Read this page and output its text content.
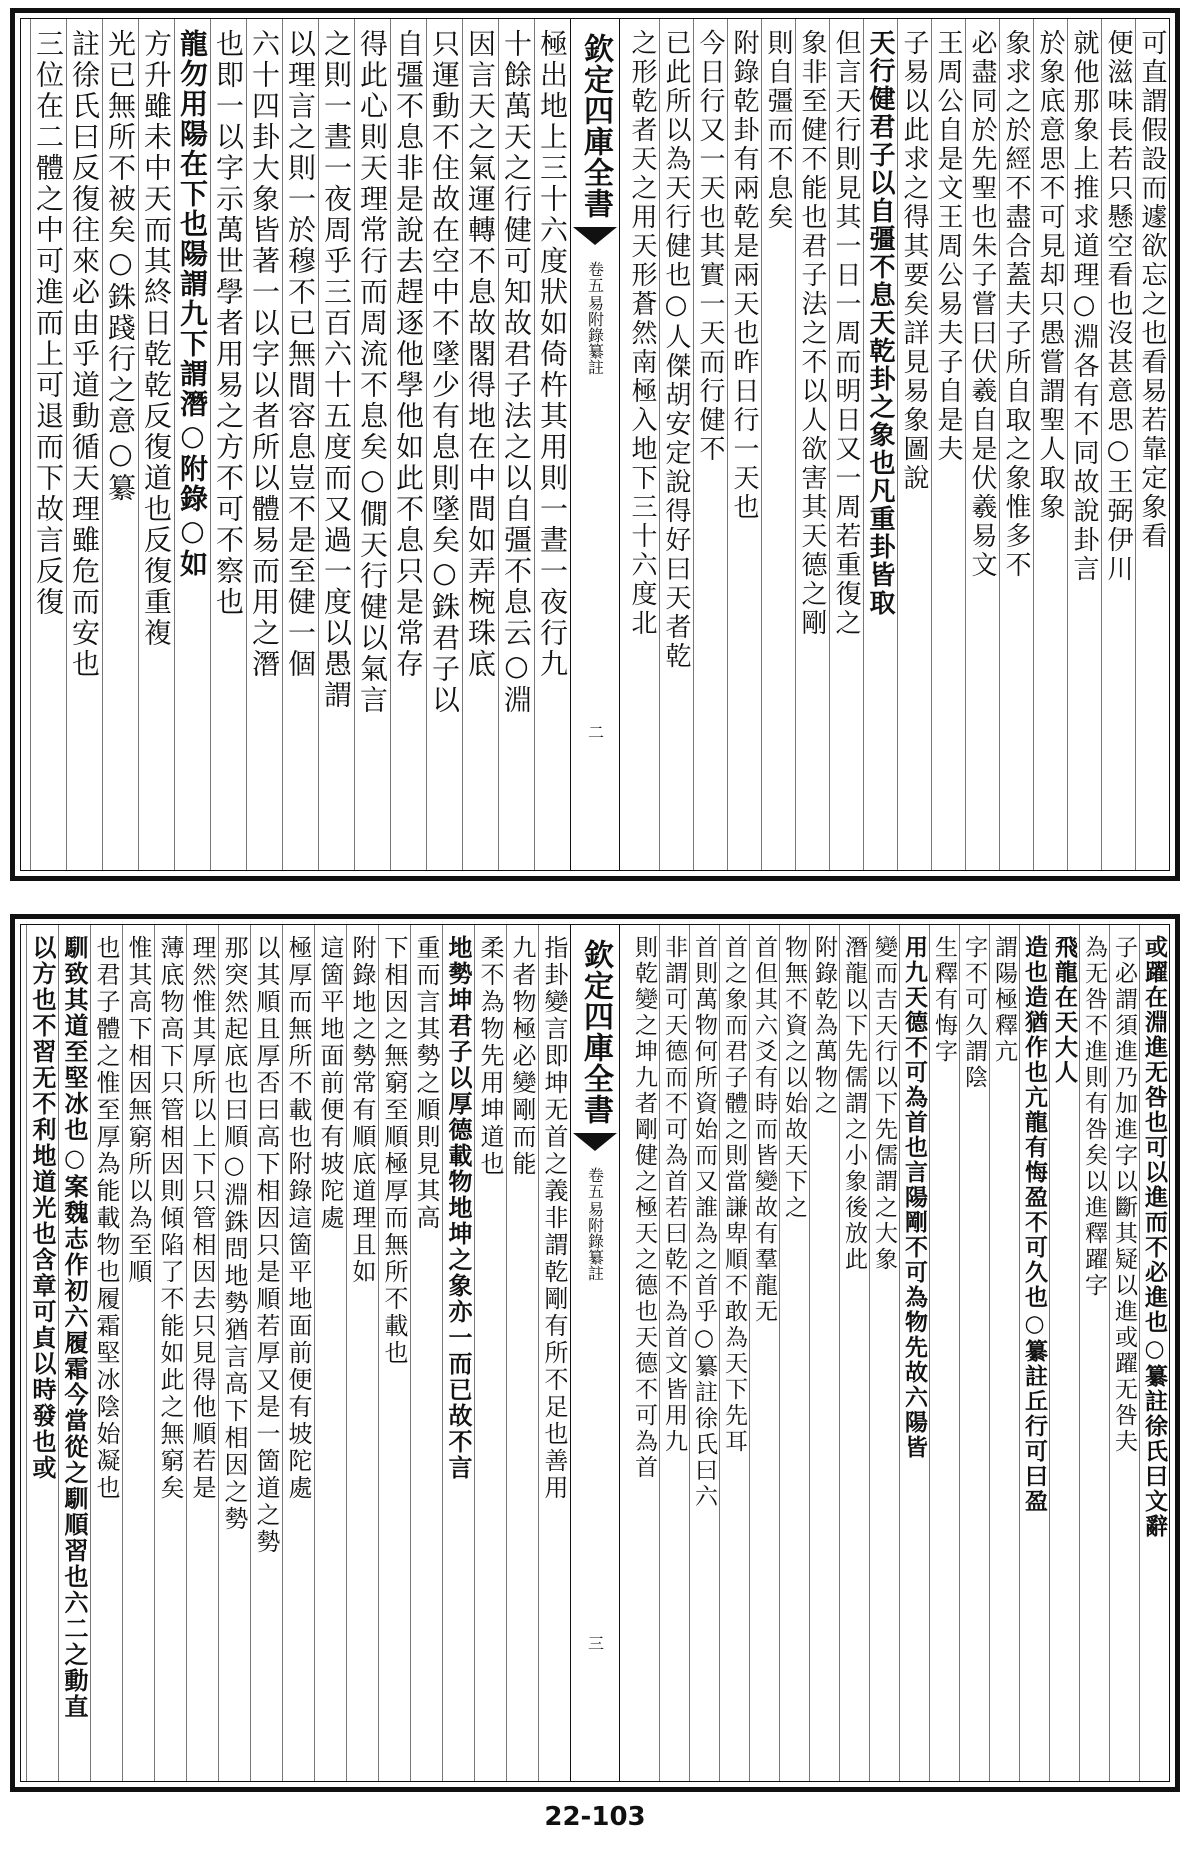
可直謂假設而遽欲忘之也看易若靠定象看
便滋味長若只懸空看也沒甚意思○王弼伊川
就他那象上推求道理○淵各有不同故說卦言
於象底意思不可見却只愚嘗謂聖人取象
象求之於經不盡合蓋夫子所自取之象惟多不
必盡同於先聖也朱子嘗曰伏羲自是伏羲易文
王周公自是文王周公易夫子自是夫
子易以此求之得其要矣詳見易象圖說
天行健君子以自彊不息天乾卦之象也凡重卦皆取
但言天行則見其一日一周而明日又一周若重復之
象非至健不能也君子法之不以人欲害其天德之剛
則自彊而不息矣
附錄乾卦有兩乾是兩天也昨日行一天也
今日行又一天也其實一天而行健不
已此所以為天行健也○人傑胡安定說得好曰天者乾
之形乾者天之用天形蒼然南極入地下三十六度北
欽定四庫全書
卷五
易附錄纂註
二
極出地上三十六度狀如倚杵其用則一晝一夜行九
十餘萬天之行健可知故君子法之以自彊不息云○淵
因言天之氣運轉不息故閣得地在中間如弄椀珠底
只運動不住故在空中不墜少有息則墜矣○銖君子以
自彊不息非是說去趕逐他學他如此不息只是常存
得此心則天理常行而周流不息矣○僩天行健以氣言
之則一晝一夜周乎三百六十五度而又過一度以愚謂
以理言之則一於穆不已無間容息豈不是至健一個
六十四卦大象皆著一以字以者所以體易而用之潛
也即一以字示萬世學者用易之方不可不察也
龍勿用陽在下也陽謂九下謂潛○附錄○如
方升雖未中天而其終日乾乾反復道也反復重複
光已無所不被矣○銖踐行之意○纂
註徐氏曰反復往來必由乎道動循天理雖危而安也
三位在二體之中可進而上可退而下故言反復
或躍在淵進无咎也可以進而不必進也○纂註徐氏曰文辭
子必謂須進乃加進字以斷其疑以進或躍无咎夫
為无咎不進則有咎矣以進釋躍字
飛龍在天大人
造也造猶作也亢龍有悔盈不可久也○纂註丘行可曰盈
謂陽極釋亢
字不可久謂陰
生釋有悔字
用九天德不可為首也言陽剛不可為物先故六陽皆
變而吉天行以下先儒謂之大象
潛龍以下先儒謂之小象後放此
附錄乾為萬物之
物無不資之以始故天下之
首但其六爻有時而皆變故有羣龍无
首之象而君子體之則當謙卑順不敢為天下先耳
首則萬物何所資始而又誰為之首乎○纂註徐氏曰六
非謂可天德而不可為首若曰乾不為首文皆用九
則乾變之坤九者剛健之極天之德也天德不可為首
欽定四庫全書
卷五
易附錄纂註
三
指卦變言即坤无首之義非謂乾剛有所不足也善用
九者物極必變剛而能
柔不為物先用坤道也
地勢坤君子以厚德載物地坤之象亦一而已故不言
重而言其勢之順則見其高
下相因之無窮至順極厚而無所不載也
附錄地之勢常有順底道理且如
這箇平地面前便有坡陀處
極厚而無所不載也附錄這箇平地面前便有坡陀處
以其順且厚否曰高下相因只是順若厚又是一箇道之勢
那突然起底也曰順○淵銖問地勢猶言高下相因之勢
理然惟其厚所以上下只管相因去只見得他順若是
薄底物高下只管相因則傾陷了不能如此之無窮矣
惟其高下相因無窮所以為至順
也君子體之惟至厚為能載物也履霜堅冰陰始凝也
馴致其道至堅冰也○案魏志作初六履霜今當從之馴順習也六二之動直
以方也不習无不利地道光也含章可貞以時發也或
22-103
